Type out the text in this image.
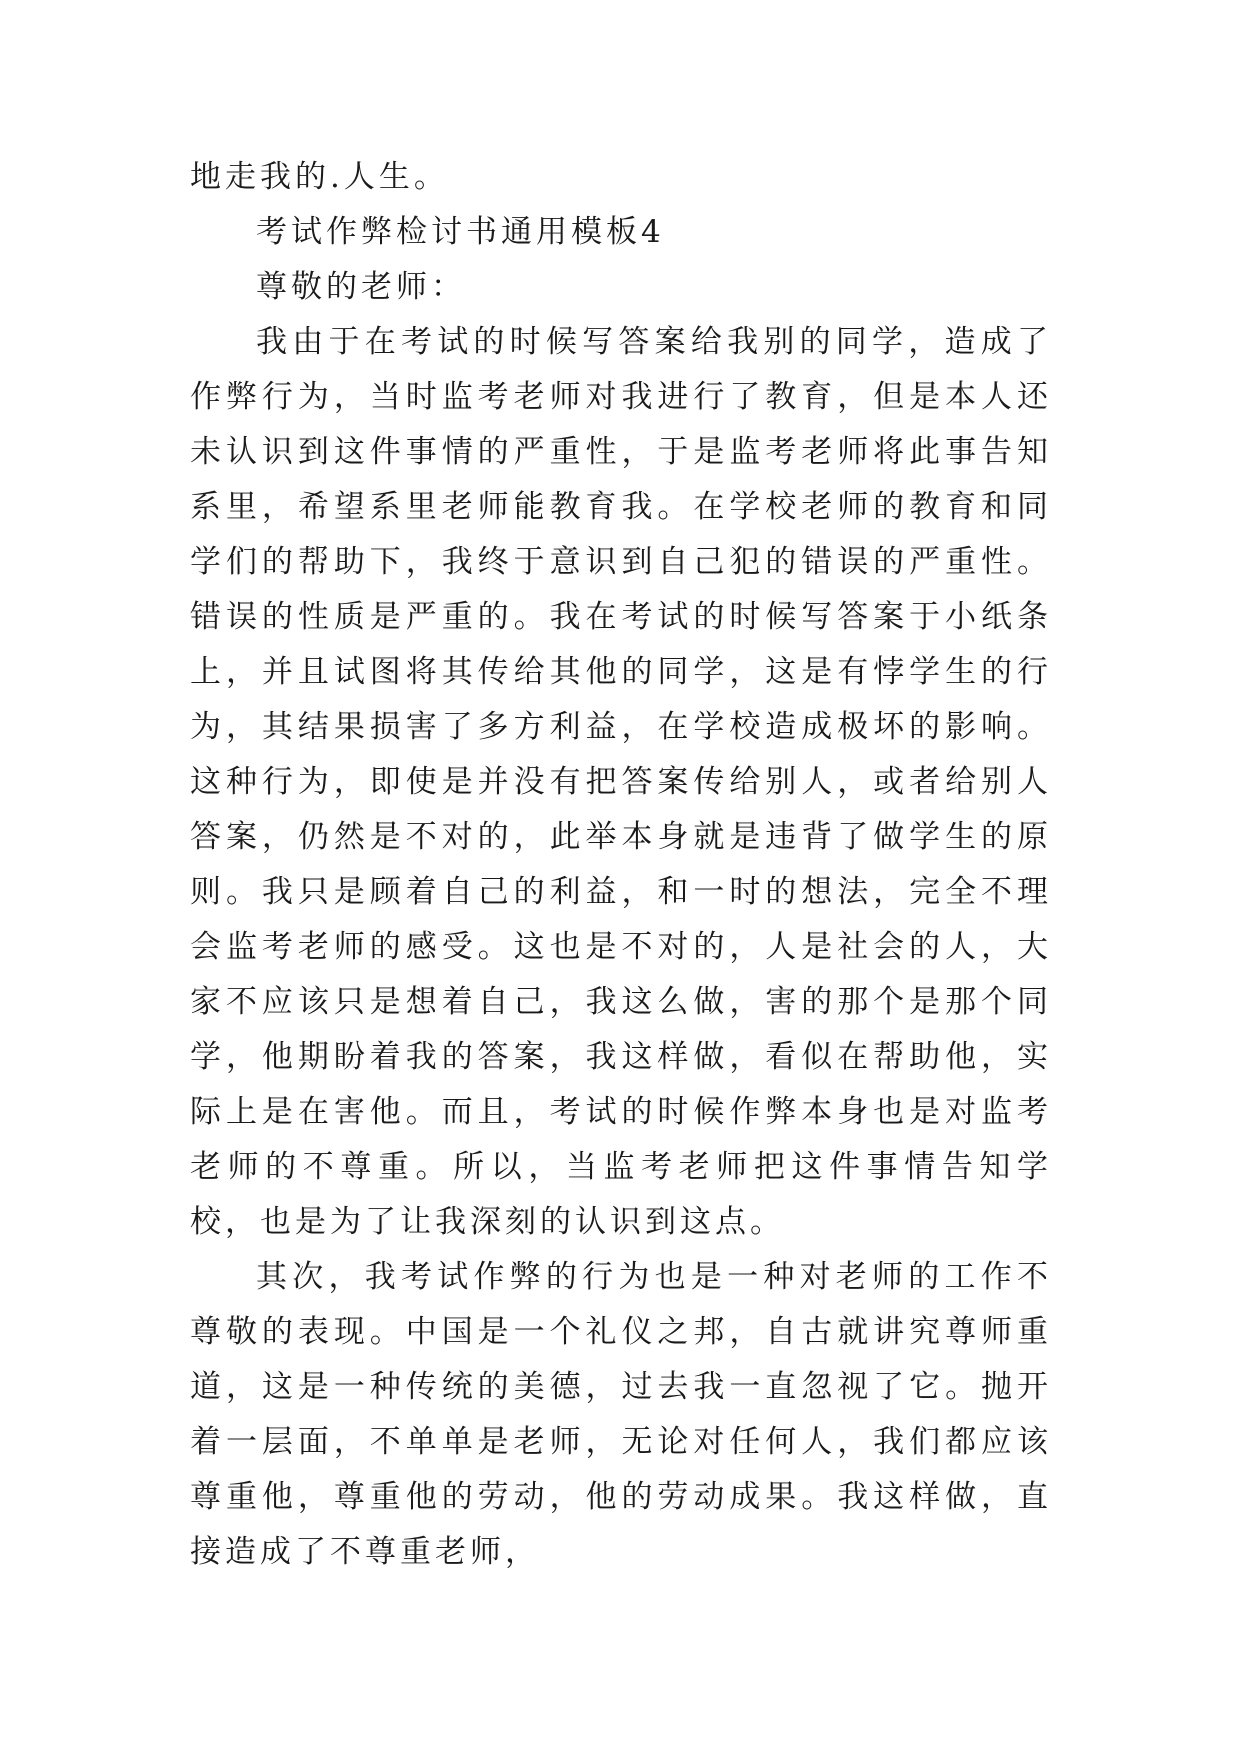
地走我的.人生。

考试作弊检讨书通用模板4

尊敬的老师：

我由于在考试的时候写答案给我别的同学，造成了作弊行为，当时监考老师对我进行了教育，但是本人还未认识到这件事情的严重性，于是监考老师将此事告知系里，希望系里老师能教育我。在学校老师的教育和同学们的帮助下，我终于意识到自己犯的错误的严重性。错误的性质是严重的。我在考试的时候写答案于小纸条上，并且试图将其传给其他的同学，这是有悖学生的行为，其结果损害了多方利益，在学校造成极坏的影响。这种行为，即使是并没有把答案传给别人，或者给别人答案，仍然是不对的，此举本身就是违背了做学生的原则。我只是顾着自己的利益，和一时的想法，完全不理会监考老师的感受。这也是不对的，人是社会的人，大家不应该只是想着自己，我这么做，害的那个是那个同学，他期盼着我的答案，我这样做，看似在帮助他，实际上是在害他。而且，考试的时候作弊本身也是对监考老师的不尊重。所以，当监考老师把这件事情告知学校，也是为了让我深刻的认识到这点。

其次，我考试作弊的行为也是一种对老师的工作不尊敬的表现。中国是一个礼仪之邦，自古就讲究尊师重道，这是一种传统的美德，过去我一直忽视了它。抛开着一层面，不单单是老师，无论对任何人，我们都应该尊重他，尊重他的劳动，他的劳动成果。我这样做，直接造成了不尊重老师，
